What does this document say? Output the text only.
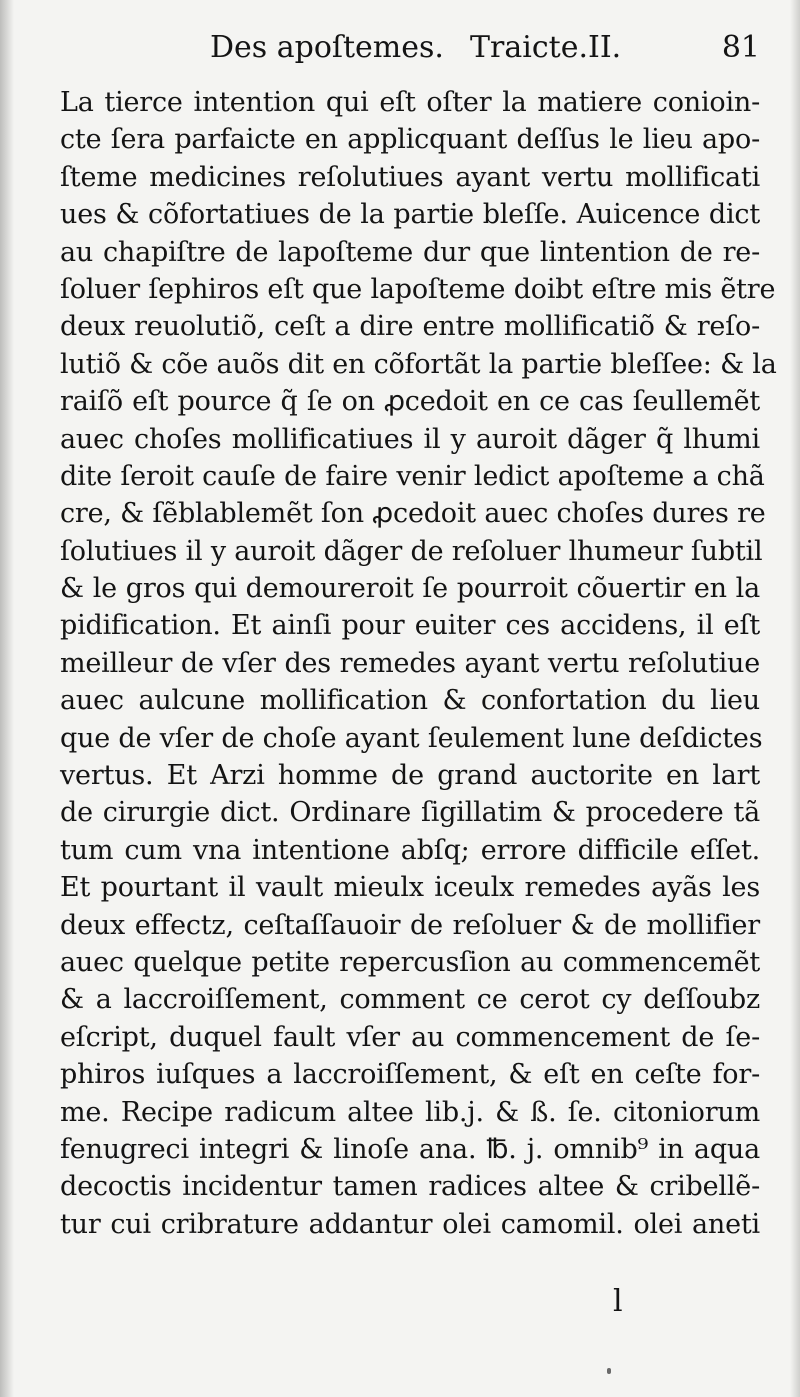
Des apoſtemes. Traicte.II.	81
La tierce intention qui eſt oſter la matiere conioin-
cte ſera parfaicte en applicquant deſſus le lieu apo-
ſteme medicines reſolutiues ayant vertu mollificati
ues & cõfortatiues de la partie bleſſe. Auicence dict
au chapiſtre de lapoſteme dur que lintention de re-
ſoluer ſephiros eſt que lapoſteme doibt eſtre mis ẽtre
deux reuolutiõ, ceſt a dire entre mollificatiõ & reſo-
lutiõ & cõe auõs dit en cõfortãt la partie bleſſee: & la
raiſõ eſt pource q̃ ſe on ꝓcedoit en ce cas ſeullemẽt
auec choſes mollificatiues il y auroit dãger q̃ lhumi
dite ſeroit cauſe de faire venir ledict apoſteme a chã
cre, & ſẽblablemẽt ſon ꝓcedoit auec choſes dures re
ſolutiues il y auroit dãger de reſoluer lhumeur ſubtil
& le gros qui demoureroit ſe pourroit cõuertir en la
pidification. Et ainſi pour euiter ces accidens, il eſt
meilleur de vſer des remedes ayant vertu reſolutiue
auec aulcune mollification & confortation du lieu
que de vſer de choſe ayant ſeulement lune deſdictes
vertus. Et Arzi homme de grand auctorite en lart
de cirurgie dict. Ordinare ſigillatim & procedere tã
tum cum vna intentione abſq; errore difficile eſſet.
Et pourtant il vault mieulx iceulx remedes ayãs les
deux effectz, ceſtaſſauoir de reſoluer & de mollifier
auec quelque petite repercusſion au commencemẽt
& a laccroiſſement, comment ce cerot cy deſſoubz
eſcript, duquel fault vſer au commencement de ſe-
phiros iuſques a laccroiſſement, & eſt en ceſte for-
me. Recipe radicum altee lib.j. & ß. ſe. citoniorum
fenugreci integri & linoſe ana. ℔. j. omnib⁹ in aqua
decoctis incidentur tamen radices altee & cribellẽ-
tur cui cribrature addantur olei camomil. olei aneti
l
